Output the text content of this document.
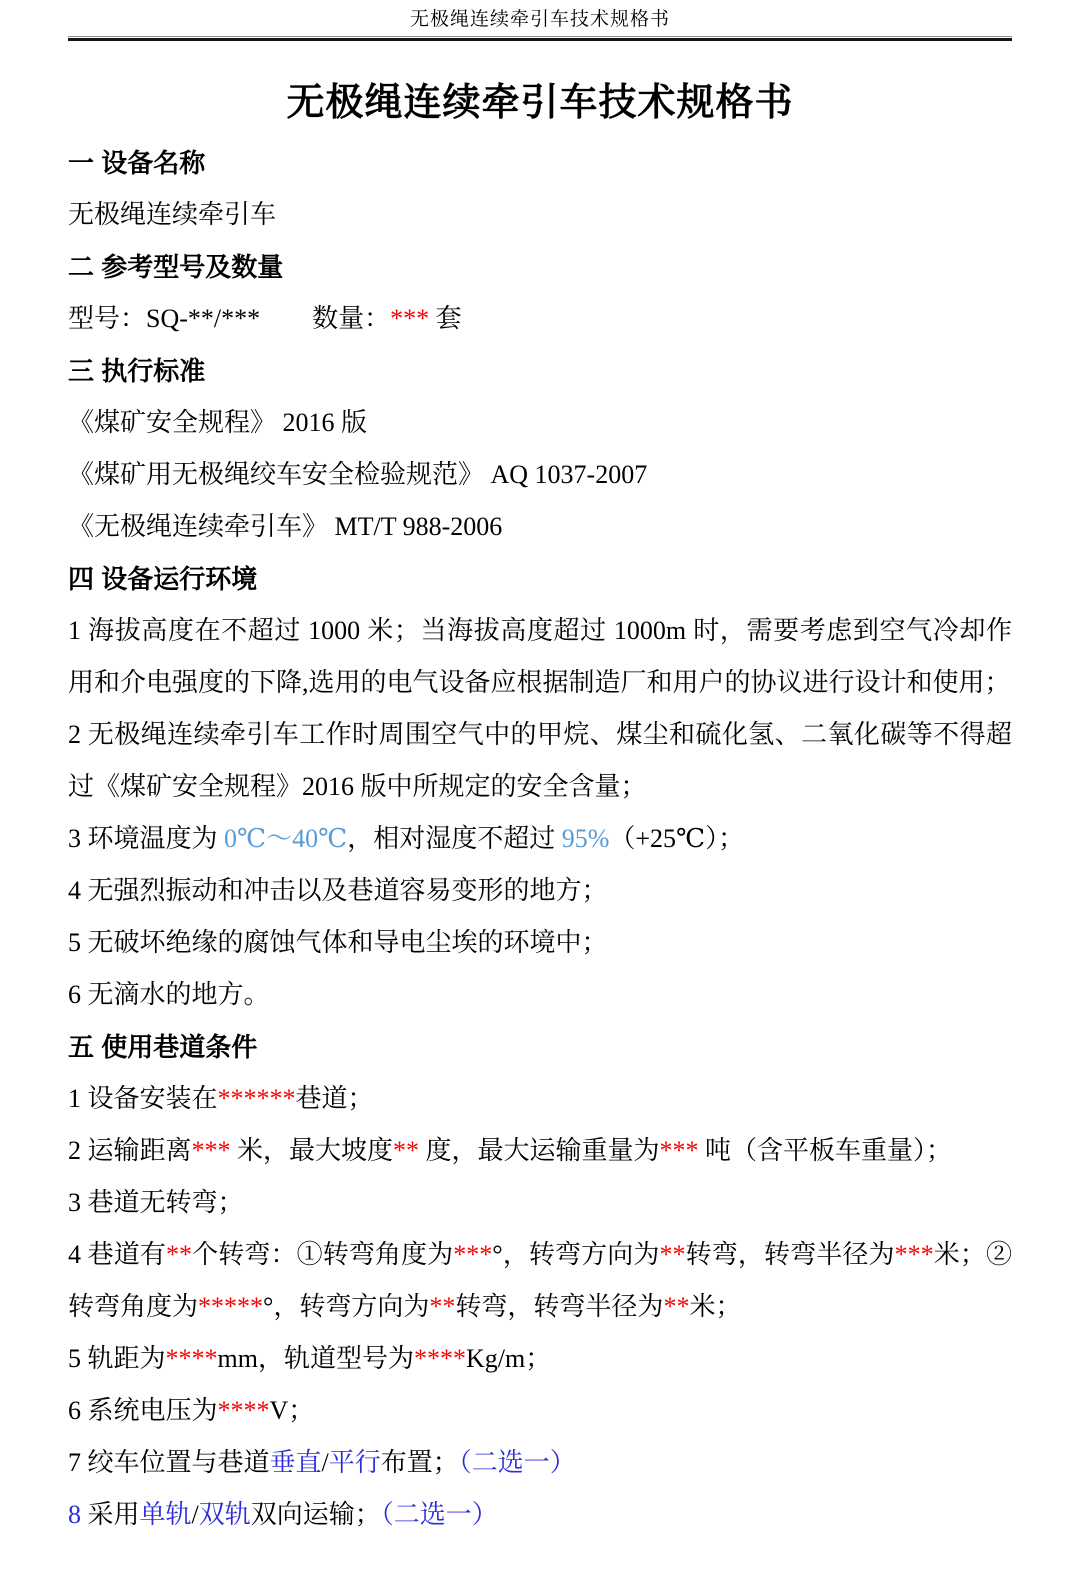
无极绳连续牵引车技术规格书
无极绳连续牵引车技术规格书
一 设备名称
无极绳连续牵引车
二 参考型号及数量
型号：SQ-**/***　　数量：*** 套
三 执行标准
《煤矿安全规程》 2016 版
《煤矿用无极绳绞车安全检验规范》 AQ 1037-2007
《无极绳连续牵引车》 MT/T 988-2006
四 设备运行环境
1 海拔高度在不超过 1000 米；当海拔高度超过 1000m 时，需要考虑到空气冷却作用和介电强度的下降,选用的电气设备应根据制造厂和用户的协议进行设计和使用；
2 无极绳连续牵引车工作时周围空气中的甲烷、煤尘和硫化氢、二氧化碳等不得超过《煤矿安全规程》2016 版中所规定的安全含量；
3 环境温度为 0℃～40℃，相对湿度不超过 95%（+25℃）；
4 无强烈振动和冲击以及巷道容易变形的地方；
5 无破坏绝缘的腐蚀气体和导电尘埃的环境中；
6 无滴水的地方。
五 使用巷道条件
1 设备安装在******巷道；
2 运输距离*** 米，最大坡度** 度，最大运输重量为*** 吨（含平板车重量）；
3 巷道无转弯；
4 巷道有**个转弯：①转弯角度为***°，转弯方向为**转弯，转弯半径为***米；②转弯角度为*****°，转弯方向为**转弯，转弯半径为**米；
5 轨距为****mm，轨道型号为****Kg/m；
6 系统电压为****V；
7 绞车位置与巷道垂直/平行布置；（二选一）
8 采用单轨/双轨双向运输；（二选一）
